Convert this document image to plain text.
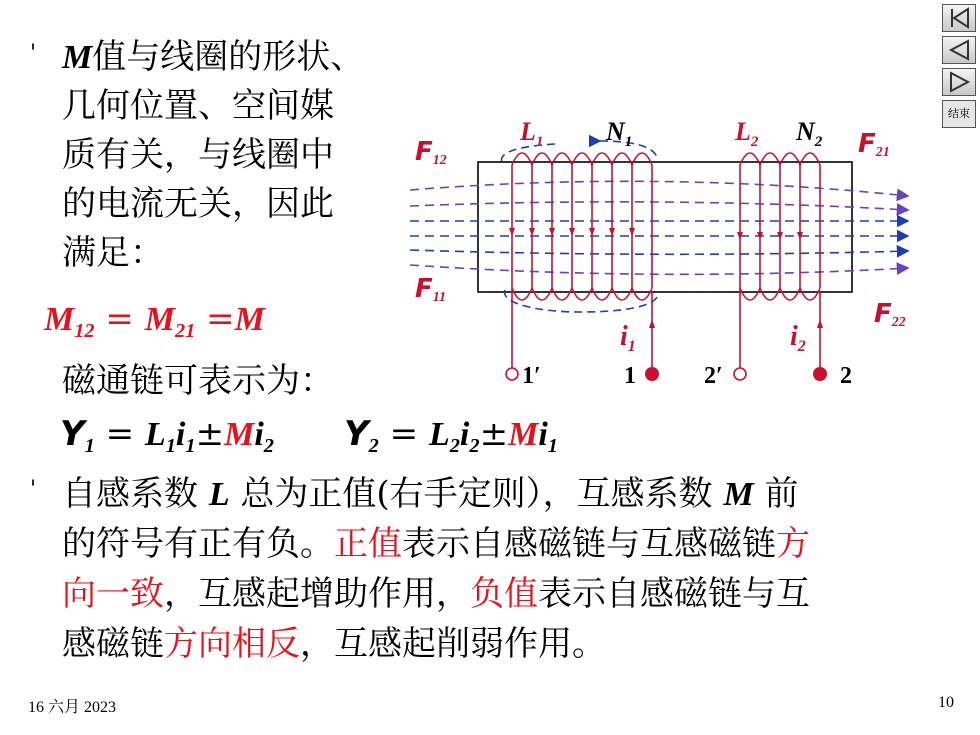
结束
' M值与线圈的形状、
几何位置、空间媒
质有关，与线圈中
的电流无关，因此
满足：
$M_{12} = M_{21} =M$
磁通链可表示为：
$Y_1 = L_1i_1\pm Mi_2$ $Y_2 = L_2i_2\pm Mi_1$
' 自感系数 L 总为正值(右手定则），互感系数 M 前
的符号有正有负。正值表示自感磁链与互感磁链方
向一致，互感起增助作用，负值表示自感磁链与互
感磁链方向相反，互感起削弱作用。
16 六月 2023	10
$L_1$ $N_1$	$L_2$ $N_2$
$i_1$	$i_2$
F12
F21
F11
F22
1′	1	2′	2
